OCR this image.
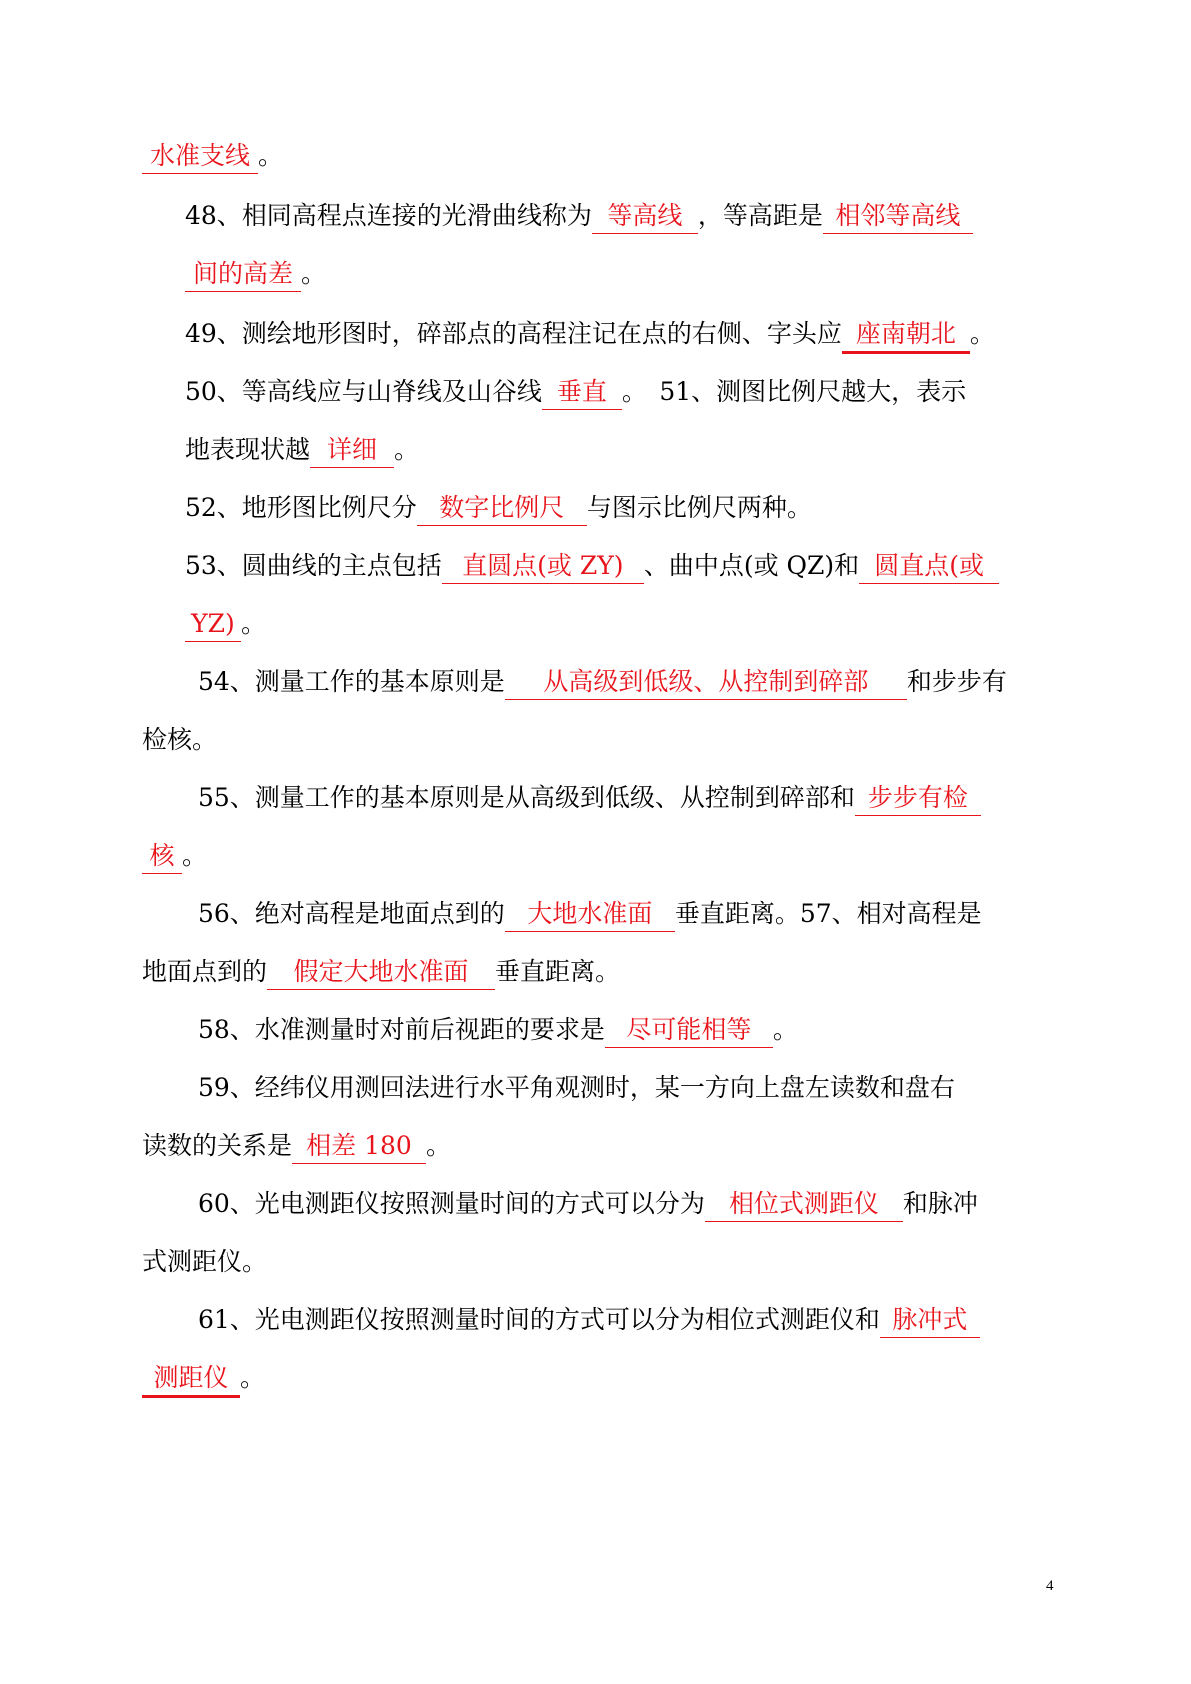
水准支线 。
48、相同高程点连接的光滑曲线称为 等高线 ，等高距是 相邻等高线
间的高差 。
49、测绘地形图时，碎部点的高程注记在点的右侧、字头应 座南朝北 。
50、等高线应与山脊线及山谷线 垂直 。　51、测图比例尺越大，表示
地表现状越 详细 。
52、地形图比例尺分 数字比例尺 与图示比例尺两种。
53、圆曲线的主点包括 直圆点(或 ZY) 、曲中点(或 QZ)和 圆直点(或
YZ) 。
54、测量工作的基本原则是 从高级到低级、从控制到碎部 和步步有
检核。
55、测量工作的基本原则是从高级到低级、从控制到碎部和 步步有检
核 。
56、绝对高程是地面点到的 大地水准面 垂直距离。57、相对高程是
地面点到的 假定大地水准面 垂直距离。
58、水准测量时对前后视距的要求是 尽可能相等 。
59、经纬仪用测回法进行水平角观测时，某一方向上盘左读数和盘右
读数的关系是 相差 180 。
60、光电测距仪按照测量时间的方式可以分为 相位式测距仪 和脉冲
式测距仪。
61、光电测距仪按照测量时间的方式可以分为相位式测距仪和 脉冲式
测距仪 。
4
